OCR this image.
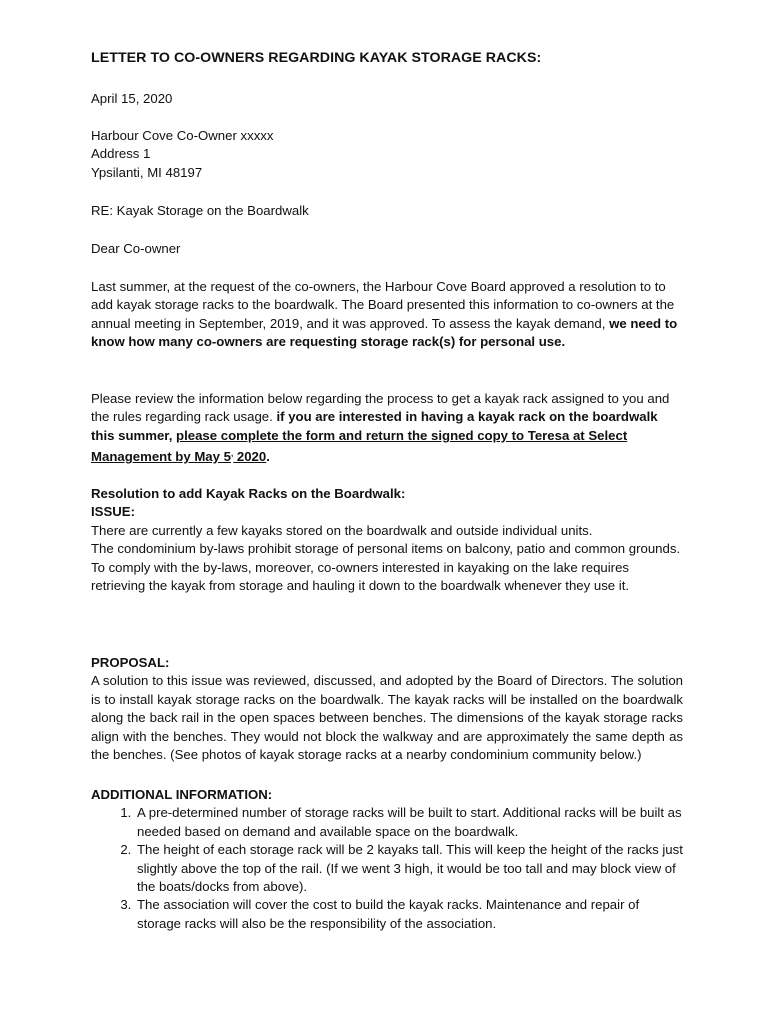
LETTER TO CO-OWNERS REGARDING KAYAK STORAGE RACKS:
April 15, 2020
Harbour Cove Co-Owner xxxxx
Address 1
Ypsilanti, MI 48197
RE: Kayak Storage on the Boardwalk
Dear Co-owner
Last summer, at the request of the co-owners, the Harbour Cove Board approved a resolution to to add kayak storage racks to the boardwalk. The Board presented this information to co-owners at the annual meeting in September, 2019, and it was approved. To assess the kayak demand, we need to know how many co-owners are requesting storage rack(s) for personal use.
Please review the information below regarding the process to get a kayak rack assigned to you and the rules regarding rack usage. if you are interested in having a kayak rack on the boardwalk this summer, please complete the form and return the signed copy to Teresa at Select Management by May 5, 2020.
Resolution to add Kayak Racks on the Boardwalk:
ISSUE:
There are currently a few kayaks stored on the boardwalk and outside individual units.
The condominium by-laws prohibit storage of personal items on balcony, patio and common grounds. To comply with the by-laws, moreover, co-owners interested in kayaking on the lake requires retrieving the kayak from storage and hauling it down to the boardwalk whenever they use it.
PROPOSAL:
A solution to this issue was reviewed, discussed, and adopted by the Board of Directors. The solution is to install kayak storage racks on the boardwalk. The kayak racks will be installed on the boardwalk along the back rail in the open spaces between benches. The dimensions of the kayak storage racks align with the benches. They would not block the walkway and are approximately the same depth as the benches. (See photos of kayak storage racks at a nearby condominium community below.)
ADDITIONAL INFORMATION:
1. A pre-determined number of storage racks will be built to start. Additional racks will be built as needed based on demand and available space on the boardwalk.
2. The height of each storage rack will be 2 kayaks tall. This will keep the height of the racks just slightly above the top of the rail. (If we went 3 high, it would be too tall and may block view of the boats/docks from above).
3. The association will cover the cost to build the kayak racks. Maintenance and repair of storage racks will also be the responsibility of the association.
